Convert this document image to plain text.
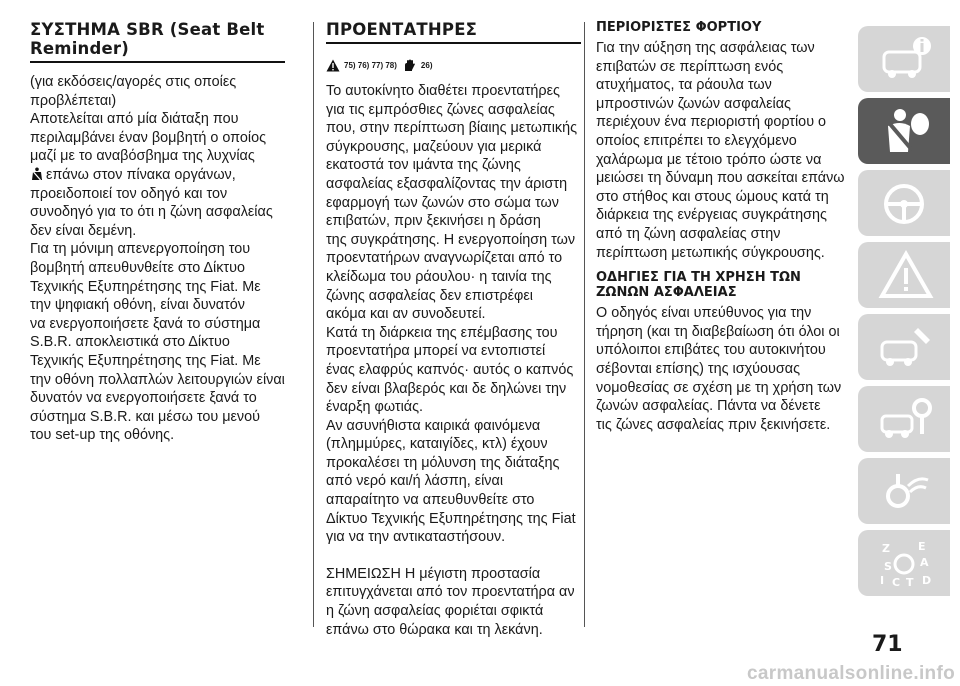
ΣΥΣΤΗΜΑ SBR (Seat Belt Reminder)

(για εκδόσεις/αγορές στις οποίες
προβλέπεται)
Αποτελείται από μία διάταξη που
περιλαμβάνει έναν βομβητή ο οποίος
μαζί με το αναβόσβημα της λυχνίας

επάνω στον πίνακα οργάνων,

προειδοποιεί τον οδηγό και τον
συνοδηγό για το ότι η ζώνη ασφαλείας
δεν είναι δεμένη.
Για τη μόνιμη απενεργοποίηση του
βομβητή απευθυνθείτε στο Δίκτυο
Τεχνικής Εξυπηρέτησης της Fiat. Με
την ψηφιακή οθόνη, είναι δυνατόν
να ενεργοποιήσετε ξανά το σύστημα
S.B.R. αποκλειστικά στο Δίκτυο
Τεχνικής Εξυπηρέτησης της Fiat. Με
την οθόνη πολλαπλών λειτουργιών είναι
δυνατόν να ενεργοποιήσετε ξανά το
σύστημα S.B.R. και μέσω του μενού
του set-up της οθόνης.

ΠΡΟΕΝΤΑΤΗΡΕΣ
75) 76) 77) 78)	26)

Το αυτοκίνητο διαθέτει προεντατήρες
για τις εμπρόσθιες ζώνες ασφαλείας
που, στην περίπτωση βίαιης μετωπικής
σύγκρουσης, μαζεύουν για μερικά
εκατοστά τον ιμάντα της ζώνης
ασφαλείας εξασφαλίζοντας την άριστη
εφαρμογή των ζωνών στο σώμα των
επιβατών, πριν ξεκινήσει η δράση
της συγκράτησης. Η ενεργοποίηση των
προεντατήρων αναγνωρίζεται από το
κλείδωμα του ράουλου· η ταινία της
ζώνης ασφαλείας δεν επιστρέφει
ακόμα και αν συνοδευτεί.
Κατά τη διάρκεια της επέμβασης του
προεντατήρα μπορεί να εντοπιστεί
ένας ελαφρύς καπνός· αυτός ο καπνός
δεν είναι βλαβερός και δε δηλώνει την
έναρξη φωτιάς.
Αν ασυνήθιστα καιρικά φαινόμενα
(πλημμύρες, καταιγίδες, κτλ) έχουν
προκαλέσει τη μόλυνση της διάταξης
από νερό και/ή λάσπη, είναι
απαραίτητο να απευθυνθείτε στο
Δίκτυο Τεχνικής Εξυπηρέτησης της Fiat
για να την αντικαταστήσουν.

ΣΗΜΕΙΩΣΗ Η μέγιστη προστασία
επιτυγχάνεται από τον προεντατήρα αν
η ζώνη ασφαλείας φοριέται σφικτά
επάνω στο θώρακα και τη λεκάνη.

ΠΕΡΙΟΡΙΣΤΕΣ ΦΟΡΤΙΟΥ

Για την αύξηση της ασφάλειας των
επιβατών σε περίπτωση ενός
ατυχήματος, τα ράουλα των
μπροστινών ζωνών ασφαλείας
περιέχουν ένα περιοριστή φορτίου ο
οποίος επιτρέπει το ελεγχόμενο
χαλάρωμα με τέτοιο τρόπο ώστε να
μειώσει τη δύναμη που ασκείται επάνω
στο στήθος και στους ώμους κατά τη
διάρκεια της ενέργειας συγκράτησης
από τη ζώνη ασφαλείας στην
περίπτωση μετωπικής σύγκρουσης.

ΟΔΗΓΙΕΣ ΓΙΑ ΤΗ ΧΡΗΣΗ ΤΩΝ ΖΩΝΩΝ ΑΣΦΑΛΕΙΑΣ

Ο οδηγός είναι υπεύθυνος για την
τήρηση (και τη διαβεβαίωση ότι όλοι οι
υπόλοιποι επιβάτες του αυτοκινήτου
σέβονται επίσης) της ισχύουσας
νομοθεσίας σε σχέση με τη χρήση των
ζωνών ασφαλείας. Πάντα να δένετε
τις ζώνες ασφαλείας πριν ξεκινήσετε.

Z	E
A
S
I C T D
71
carmanualsonline.info
